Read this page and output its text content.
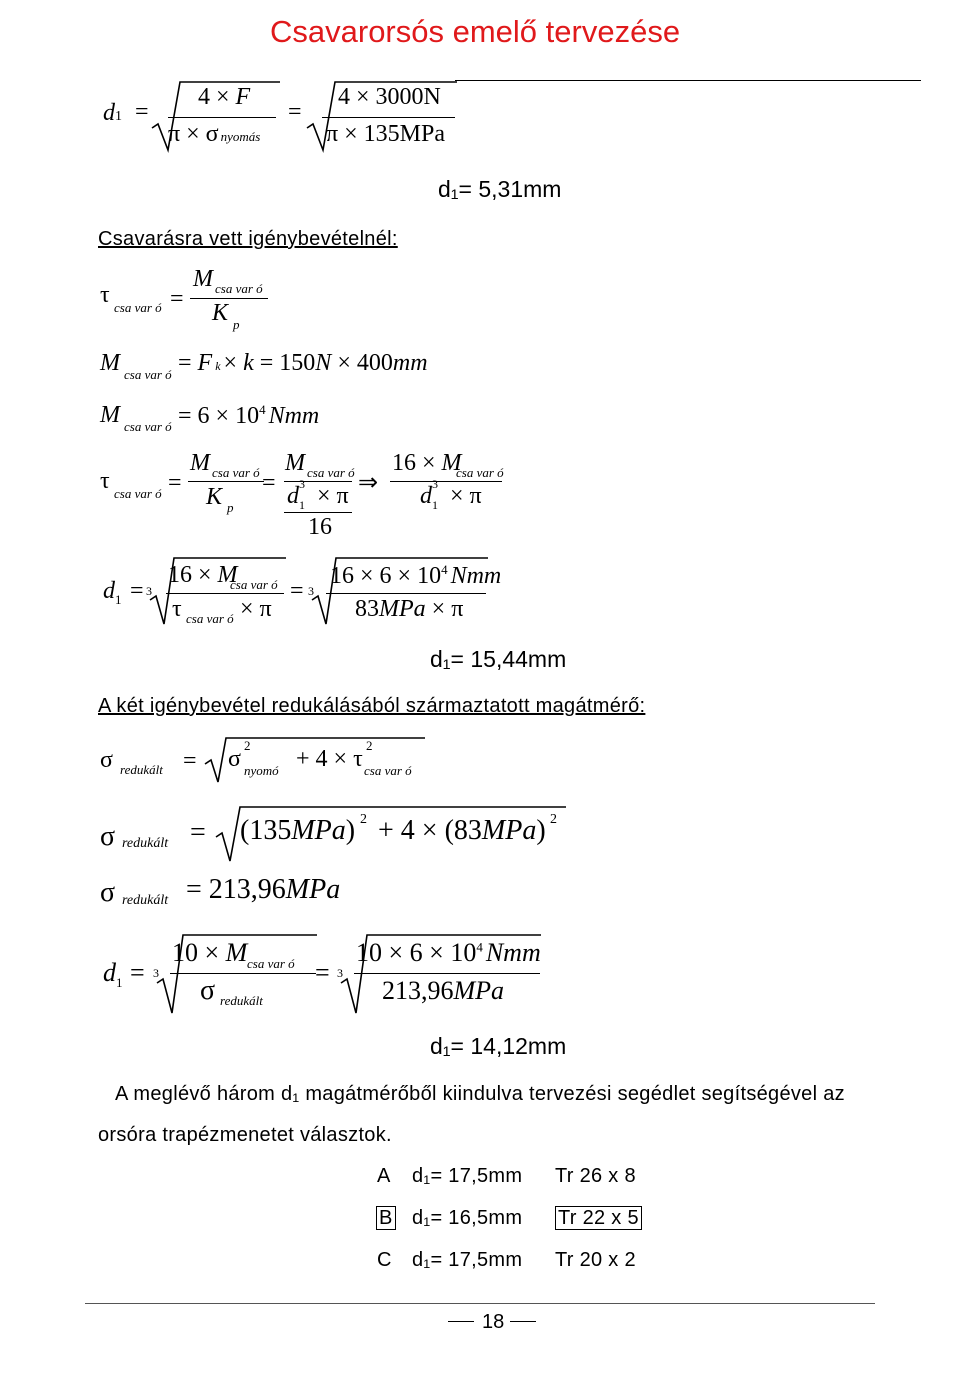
Csavarorsós emelő tervezése
d1 =
4 × F
π × σ nyomás
=
4 × 3000N
π × 135MPa
d₁= 5,31mm
Csavarásra vett igénybevételnél:
τ csa var ó =
M csa var ó
K p
M csa var ó = F k × k = 150N × 400mm
M csa var ó = $6 \times 10^4$ Nmm
τ csa var ó =
M csa var ó
K p
=
M csa var ó
$d_1^3 \times \pi$
16
⇒
16 × M
csa var ó
$d_1^3 \times \pi$
$d_1 = 3$
16 × M
csa var ó
τ csa var ó × π
= 3
$16 \times 6 \times 10^4$ Nmm
83MPa × π
d₁= 15,44mm
A két igénybevétel redukálásából származtatott magátmérő:
σ redukált = σ
2
nyomó + 4 × τ
2
csa var ó
σ redukált = (135MPa) 2 + 4 × (83MPa) 2
σ redukált = 213,96MPa
$d_1 = 3$
10 × M csa var ó
σ redukált
= 3
$10 \times 6 \times 10^4$ Nmm
213,96MPa
d₁= 14,12mm
A meglévő három d₁ magátmérőből kiindulva tervezési segédlet segítségével az
orsóra trapézmenetet választok.
A d₁= 17,5mm Tr 26 x 8
B d₁= 16,5mm Tr 22 x 5
C d₁= 17,5mm Tr 20 x 2
18
